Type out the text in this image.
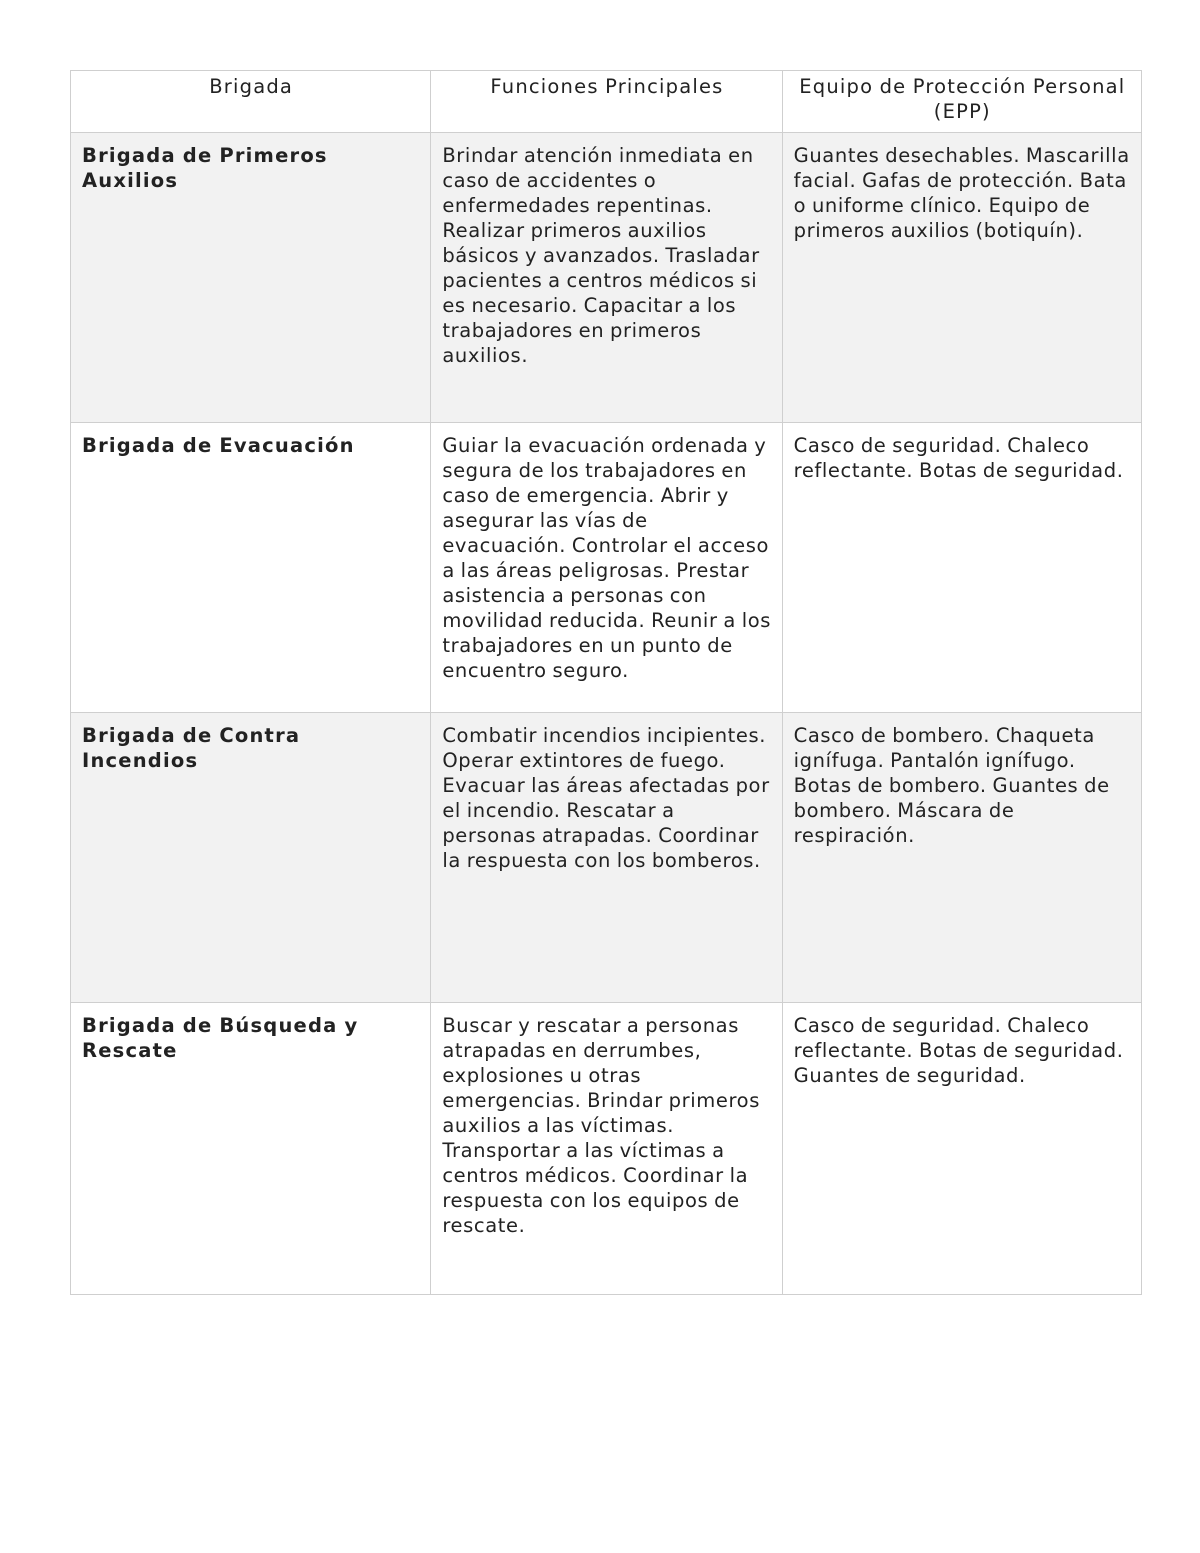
Brigada	Funciones Principales	Equipo de Protección Personal (EPP)
Brigada de Primeros Auxilios	Brindar atención inmediata en caso de accidentes o enfermedades repentinas. Realizar primeros auxilios básicos y avanzados. Trasladar pacientes a centros médicos si es necesario. Capacitar a los trabajadores en primeros auxilios.	Guantes desechables. Mascarilla facial. Gafas de protección. Bata o uniforme clínico. Equipo de primeros auxilios (botiquín).
Brigada de Evacuación	Guiar la evacuación ordenada y segura de los trabajadores en caso de emergencia. Abrir y asegurar las vías de evacuación. Controlar el acceso a las áreas peligrosas. Prestar asistencia a personas con movilidad reducida. Reunir a los trabajadores en un punto de encuentro seguro.	Casco de seguridad. Chaleco reflectante. Botas de seguridad.
Brigada de Contra Incendios	Combatir incendios incipientes. Operar extintores de fuego. Evacuar las áreas afectadas por el incendio. Rescatar a personas atrapadas. Coordinar la respuesta con los bomberos.	Casco de bombero. Chaqueta ignífuga. Pantalón ignífugo. Botas de bombero. Guantes de bombero. Máscara de respiración.
Brigada de Búsqueda y Rescate	Buscar y rescatar a personas atrapadas en derrumbes, explosiones u otras emergencias. Brindar primeros auxilios a las víctimas. Transportar a las víctimas a centros médicos. Coordinar la respuesta con los equipos de rescate.	Casco de seguridad. Chaleco reflectante. Botas de seguridad. Guantes de seguridad.
